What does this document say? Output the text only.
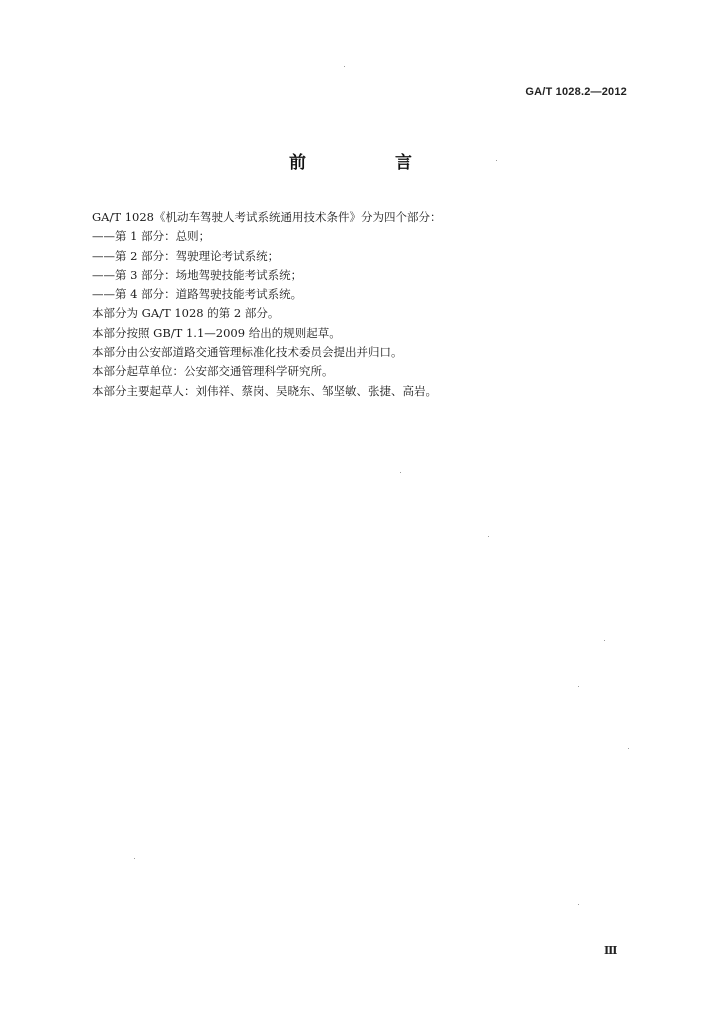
GA/T 1028.2—2012
前　言
GA/T 1028《机动车驾驶人考试系统通用技术条件》分为四个部分：
——第 1 部分：总则；
——第 2 部分：驾驶理论考试系统；
——第 3 部分：场地驾驶技能考试系统；
——第 4 部分：道路驾驶技能考试系统。
本部分为 GA/T 1028 的第 2 部分。
本部分按照 GB/T 1.1—2009 给出的规则起草。
本部分由公安部道路交通管理标准化技术委员会提出并归口。
本部分起草单位：公安部交通管理科学研究所。
本部分主要起草人：刘伟祥、蔡岗、吴晓东、邹坚敏、张捷、高岩。
Ⅲ
